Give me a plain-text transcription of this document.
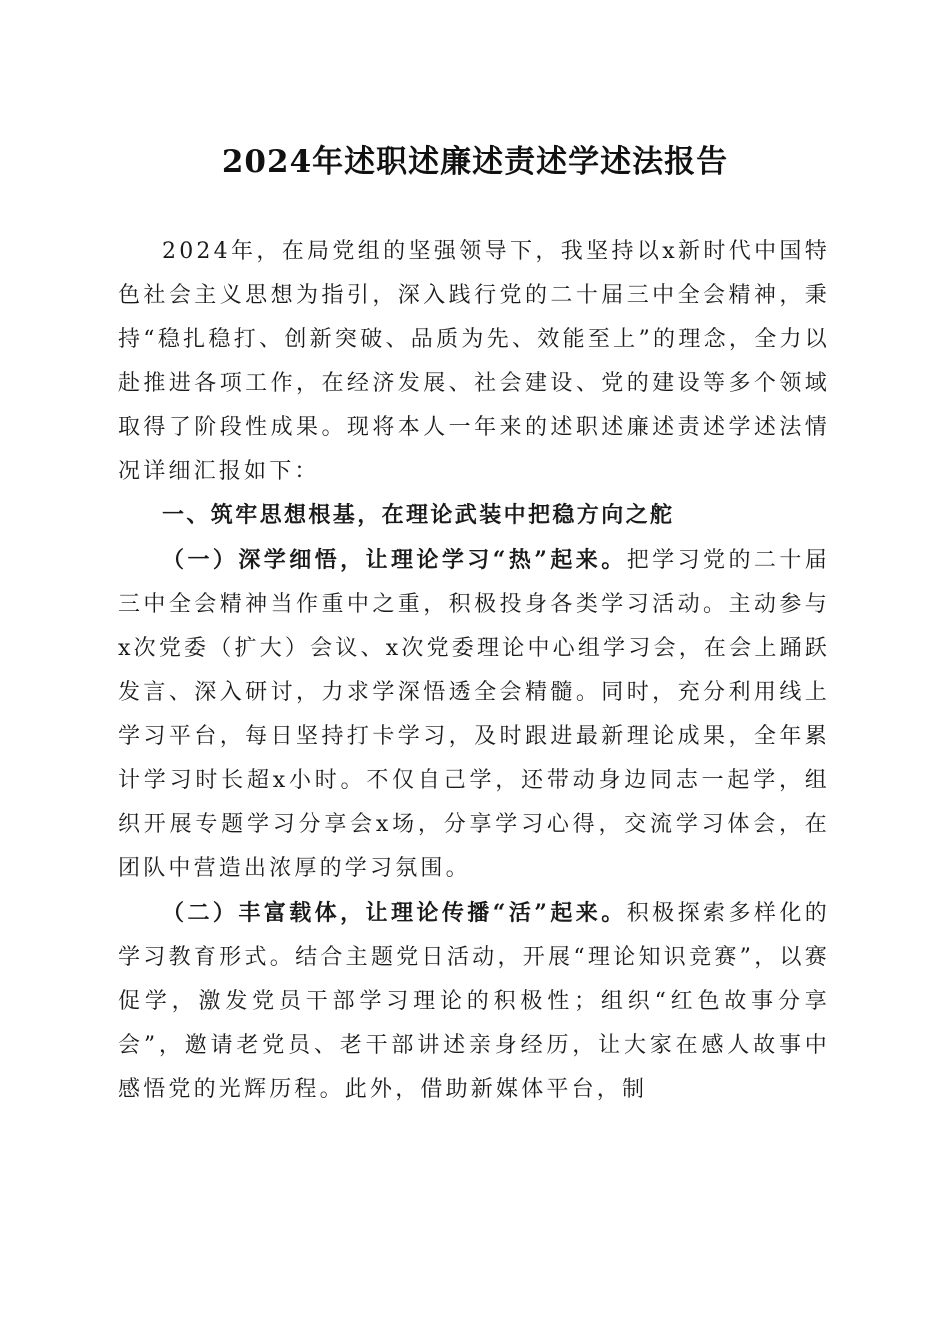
2024年述职述廉述责述学述法报告

2024年，在局党组的坚强领导下，我坚持以x新时代中国特色社会主义思想为指引，深入践行党的二十届三中全会精神，秉持“稳扎稳打、创新突破、品质为先、效能至上”的理念，全力以赴推进各项工作，在经济发展、社会建设、党的建设等多个领域取得了阶段性成果。现将本人一年来的述职述廉述责述学述法情况详细汇报如下：

一、筑牢思想根基，在理论武装中把稳方向之舵

（一）深学细悟，让理论学习“热”起来。把学习党的二十届三中全会精神当作重中之重，积极投身各类学习活动。主动参与x次党委（扩大）会议、x次党委理论中心组学习会，在会上踊跃发言、深入研讨，力求学深悟透全会精髓。同时，充分利用线上学习平台，每日坚持打卡学习，及时跟进最新理论成果，全年累计学习时长超x小时。不仅自己学，还带动身边同志一起学，组织开展专题学习分享会x场，分享学习心得，交流学习体会，在团队中营造出浓厚的学习氛围。

（二）丰富载体，让理论传播“活”起来。积极探索多样化的学习教育形式。结合主题党日活动，开展“理论知识竞赛”，以赛促学，激发党员干部学习理论的积极性；组织“红色故事分享会”，邀请老党员、老干部讲述亲身经历，让大家在感人故事中感悟党的光辉历程。此外，借助新媒体平台，制
